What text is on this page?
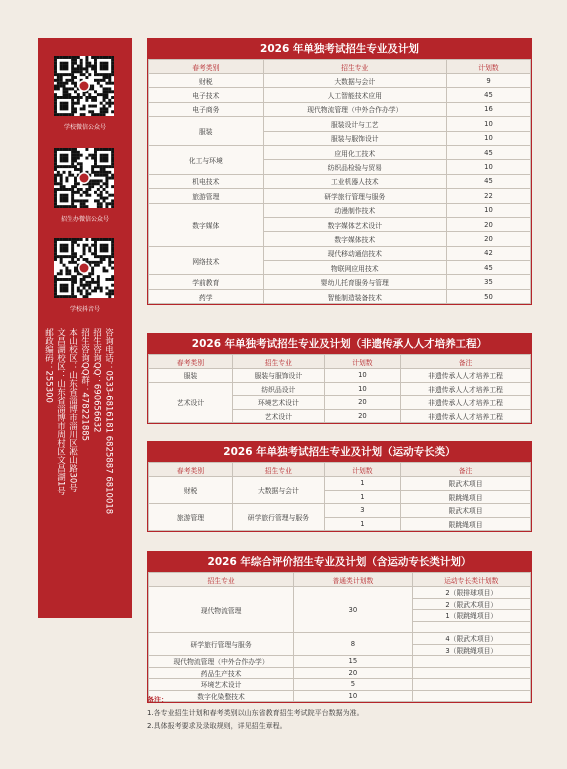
学校微信公众号
招生办微信公众号
学校抖音号
咨询电话：0533-6816181 6825887 6810018
招生咨询QQ：690656632
招生咨询QQ群：478221885
本山校区：山东省淄博市淄川区凇山路30号
文昌湖校区：山东省淄博市周村区文昌湖1号
邮政编码：255300
2026 年单独考试招生专业及计划
春考类别	招生专业	计划数
财税	大数据与会计	9
电子技术	人工智能技术应用	45
电子商务	现代物流管理（中外合作办学）	16
服装	服装设计与工艺	10
	服装与服饰设计	10
化工与环境	应用化工技术	45
	纺织品检验与贸易	10
机电技术	工业机器人技术	45
旅游管理	研学旅行管理与服务	22
数字媒体	动漫制作技术	10
	数字媒体艺术设计	20
	数字媒体技术	20
网络技术	现代移动通信技术	42
	物联网应用技术	45
学前教育	婴幼儿托育服务与管理	35
药学	智能制造装备技术	50
2026 年单独考试招生专业及计划（非遗传承人人才培养工程）
春考类别	招生专业	计划数	备注
服装	服装与服饰设计	10	非遗传承人人才培养工程
艺术设计	纺织品设计	10	非遗传承人人才培养工程
	环境艺术设计	20	非遗传承人人才培养工程
	艺术设计	20	非遗传承人人才培养工程
2026 年单独考试招生专业及计划（运动专长类）
春考类别	招生专业	计划数	备注
财税	大数据与会计	1	限武术项目
		1	限跳绳项目
旅游管理	研学旅行管理与服务	3	限武术项目
		1	限跳绳项目
2026 年综合评价招生专业及计划（含运动专长类计划）
招生专业	普通类计划数	运动专长类计划数
现代物流管理	30	2（限排球项目）
		2（限武术项目）
		1（限跳绳项目）

研学旅行管理与服务	8	4（限武术项目）
		3（限跳绳项目）
现代物流管理（中外合作办学）	15	
药品生产技术	20	
环境艺术设计	5	
数字化染整技术	10	
备注：
1.各专业招生计划和春考类别以山东省教育招生考试院平台数据为准。
2.具体报考要求及录取规则，详见招生章程。
